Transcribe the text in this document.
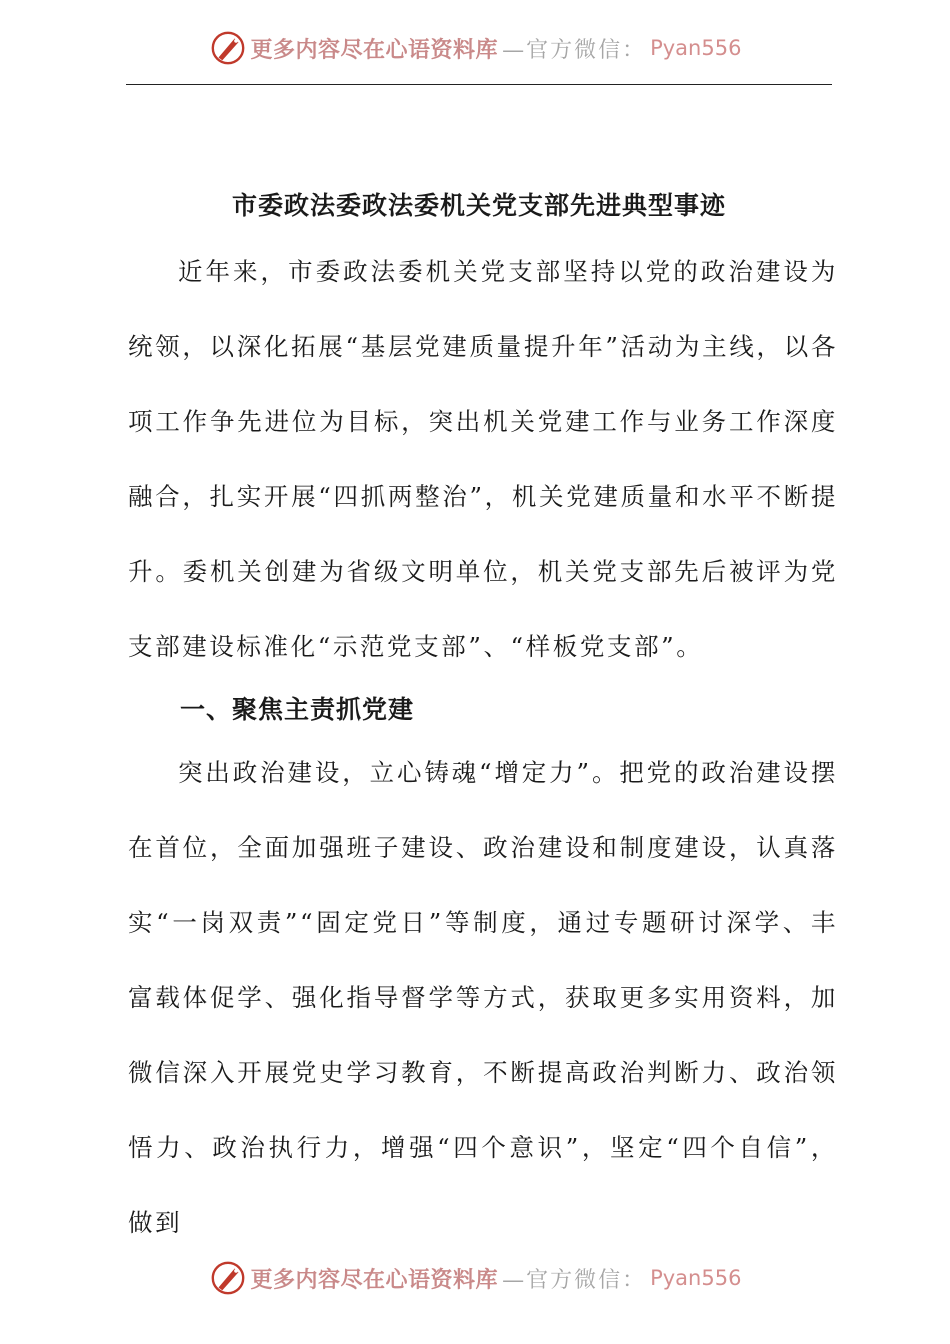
更多内容尽在心语资料库 —官方微信： Pyan556
市委政法委政法委机关党支部先进典型事迹

近年来，市委政法委机关党支部坚持以党的政治建设为统领，以深化拓展“基层党建质量提升年”活动为主线，以各项工作争先进位为目标，突出机关党建工作与业务工作深度融合，扎实开展“四抓两整治”，机关党建质量和水平不断提升。委机关创建为省级文明单位，机关党支部先后被评为党支部建设标准化“示范党支部”、“样板党支部”。

一、聚焦主责抓党建

突出政治建设，立心铸魂“增定力”。把党的政治建设摆在首位，全面加强班子建设、政治建设和制度建设，认真落实“一岗双责”“固定党日”等制度，通过专题研讨深学、丰富载体促学、强化指导督学等方式，获取更多实用资料，加微信深入开展党史学习教育，不断提高政治判断力、政治领悟力、政治执行力，增强“四个意识”，坚定“四个自信”，做到

更多内容尽在心语资料库 —官方微信： Pyan556
